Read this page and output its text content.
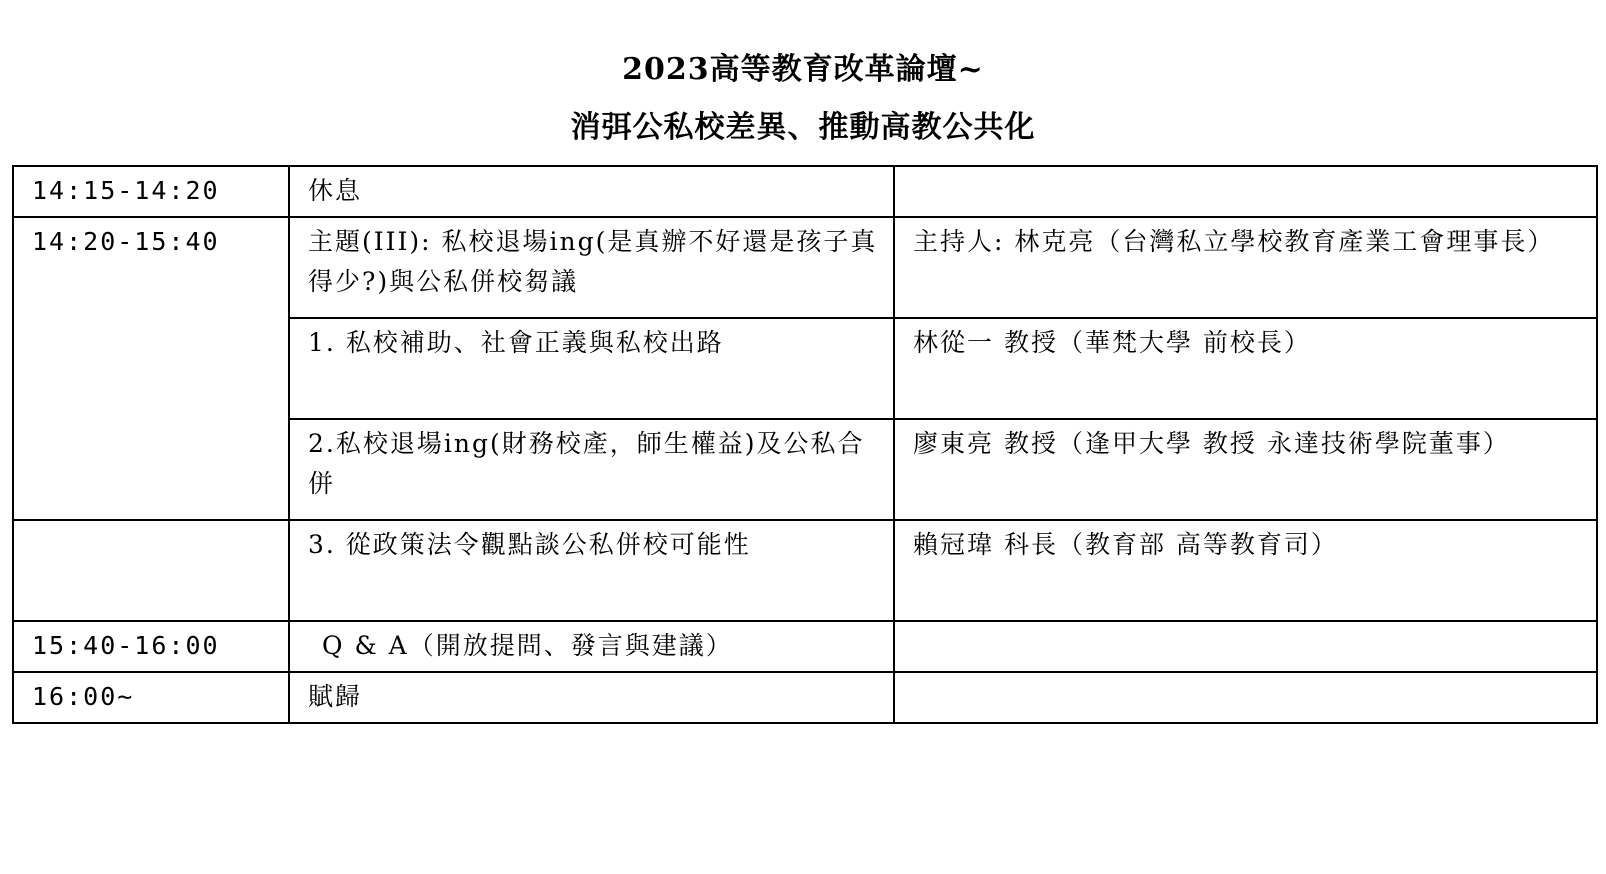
2023高等教育改革論壇~
消弭公私校差異、推動高教公共化
14:15-14:20	休息	
14:20-15:40	主題(III): 私校退場ing(是真辦不好還是孩子真得少?)與公私併校芻議	主持人: 林克亮（台灣私立學校教育產業工會理事長）
	1. 私校補助、社會正義與私校出路	林從一 教授（華梵大學 前校長）
	2.私校退場ing(財務校產，師生權益)及公私合併	廖東亮 教授（逢甲大學 教授 永達技術學院董事）
	3. 從政策法令觀點談公私併校可能性	賴冠瑋 科長（教育部 高等教育司）
15:40-16:00	Q & A（開放提問、發言與建議）	
16:00~	賦歸	
